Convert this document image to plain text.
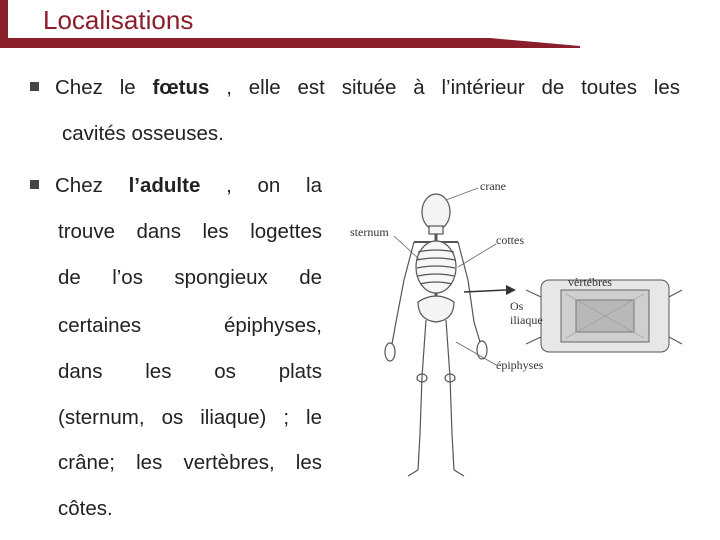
Localisations
Chez le fœtus , elle est située à l’intérieur de toutes les
cavités osseuses.
Chez l’adulte , on la
trouve dans les logettes
de l’os spongieux de
certaines épiphyses,
dans les os plats
(sternum, os iliaque) ; le
crâne; les vertèbres, les
côtes.
crane
sternum
cottes
vèrtébres
Os
iliaque
épiphyses
